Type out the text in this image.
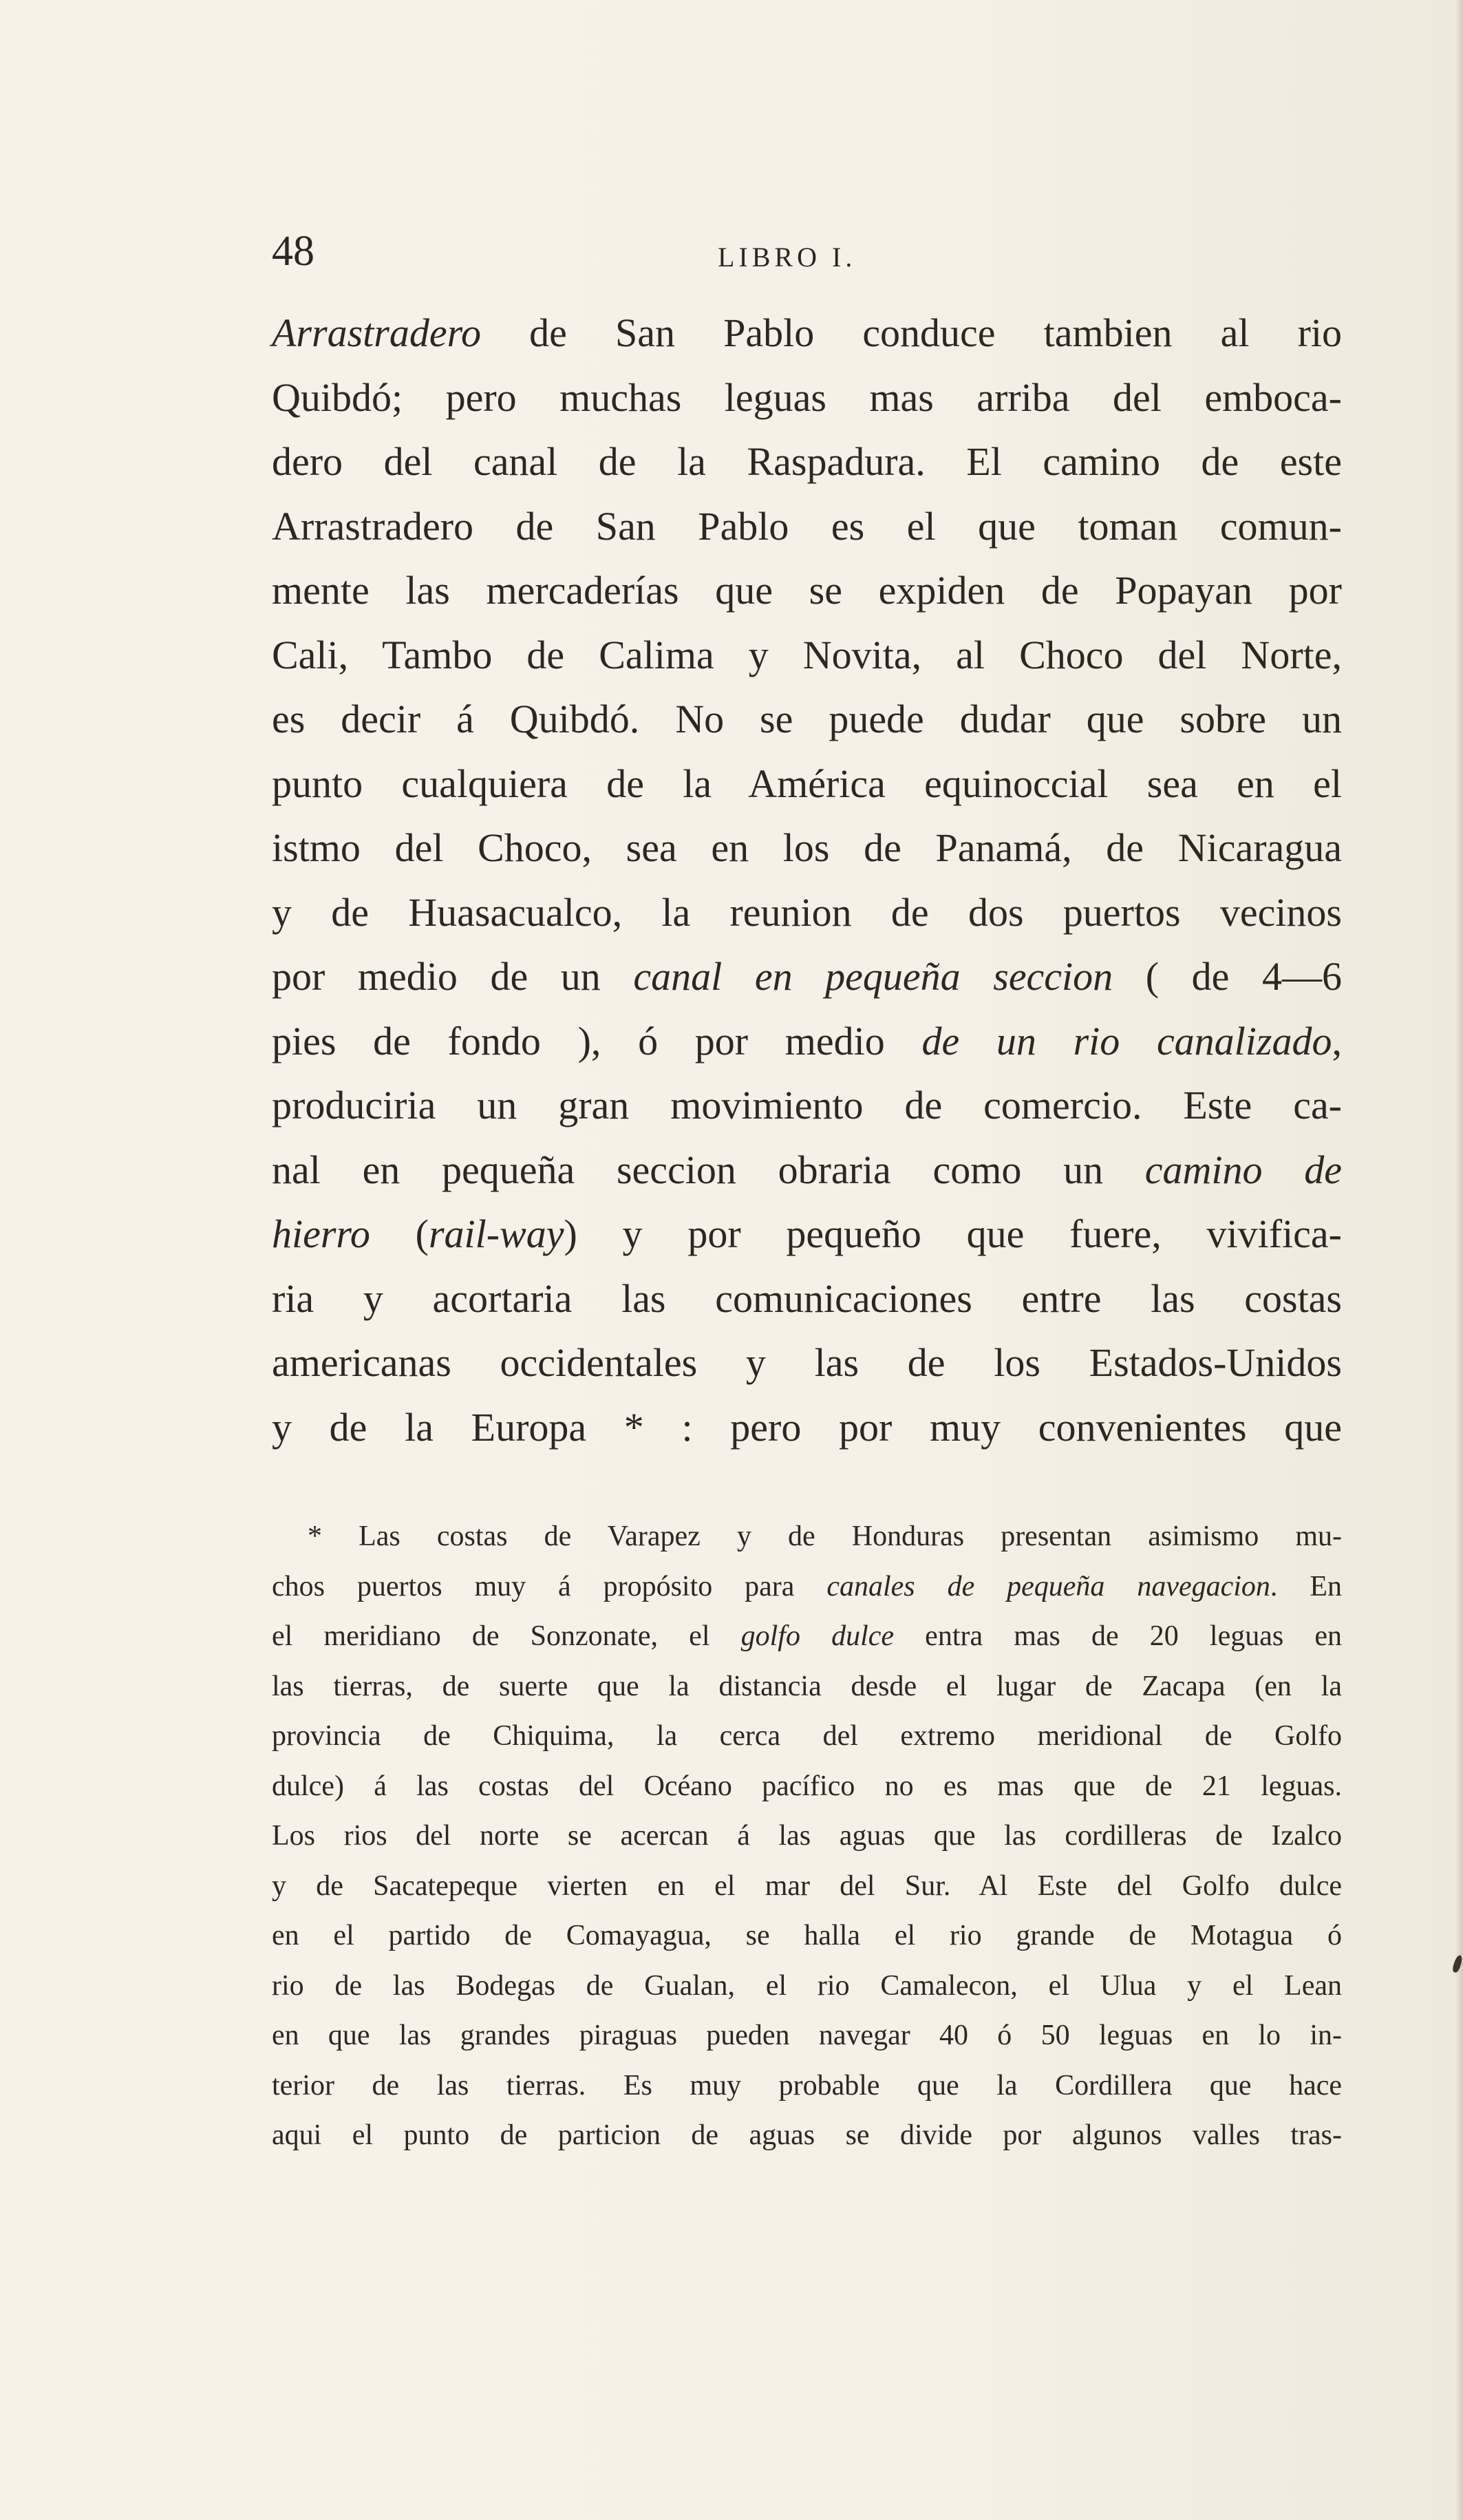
48	LIBRO I.
Arrastradero de San Pablo conduce tambien al rio
Quibdó; pero muchas leguas mas arriba del emboca-
dero del canal de la Raspadura. El camino de este
Arrastradero de San Pablo es el que toman comun-
mente las mercaderías que se expiden de Popayan por
Cali, Tambo de Calima y Novita, al Choco del Norte,
es decir á Quibdó. No se puede dudar que sobre un
punto cualquiera de la América equinoccial sea en el
istmo del Choco, sea en los de Panamá, de Nicaragua
y de Huasacualco, la reunion de dos puertos vecinos
por medio de un canal en pequeña seccion ( de 4—6
pies de fondo ), ó por medio de un rio canalizado,
produciria un gran movimiento de comercio. Este ca-
nal en pequeña seccion obraria como un camino de
hierro (rail-way) y por pequeño que fuere, vivifica-
ria y acortaria las comunicaciones entre las costas
americanas occidentales y las de los Estados-Unidos
y de la Europa * : pero por muy convenientes que
* Las costas de Varapez y de Honduras presentan asimismo mu-
chos puertos muy á propósito para canales de pequeña navegacion. En
el meridiano de Sonzonate, el golfo dulce entra mas de 20 leguas en
las tierras, de suerte que la distancia desde el lugar de Zacapa (en la
provincia de Chiquima, la cerca del extremo meridional de Golfo
dulce) á las costas del Océano pacífico no es mas que de 21 leguas.
Los rios del norte se acercan á las aguas que las cordilleras de Izalco
y de Sacatepeque vierten en el mar del Sur. Al Este del Golfo dulce
en el partido de Comayagua, se halla el rio grande de Motagua ó
rio de las Bodegas de Gualan, el rio Camalecon, el Ulua y el Lean
en que las grandes piraguas pueden navegar 40 ó 50 leguas en lo in-
terior de las tierras. Es muy probable que la Cordillera que hace
aqui el punto de particion de aguas se divide por algunos valles tras-
